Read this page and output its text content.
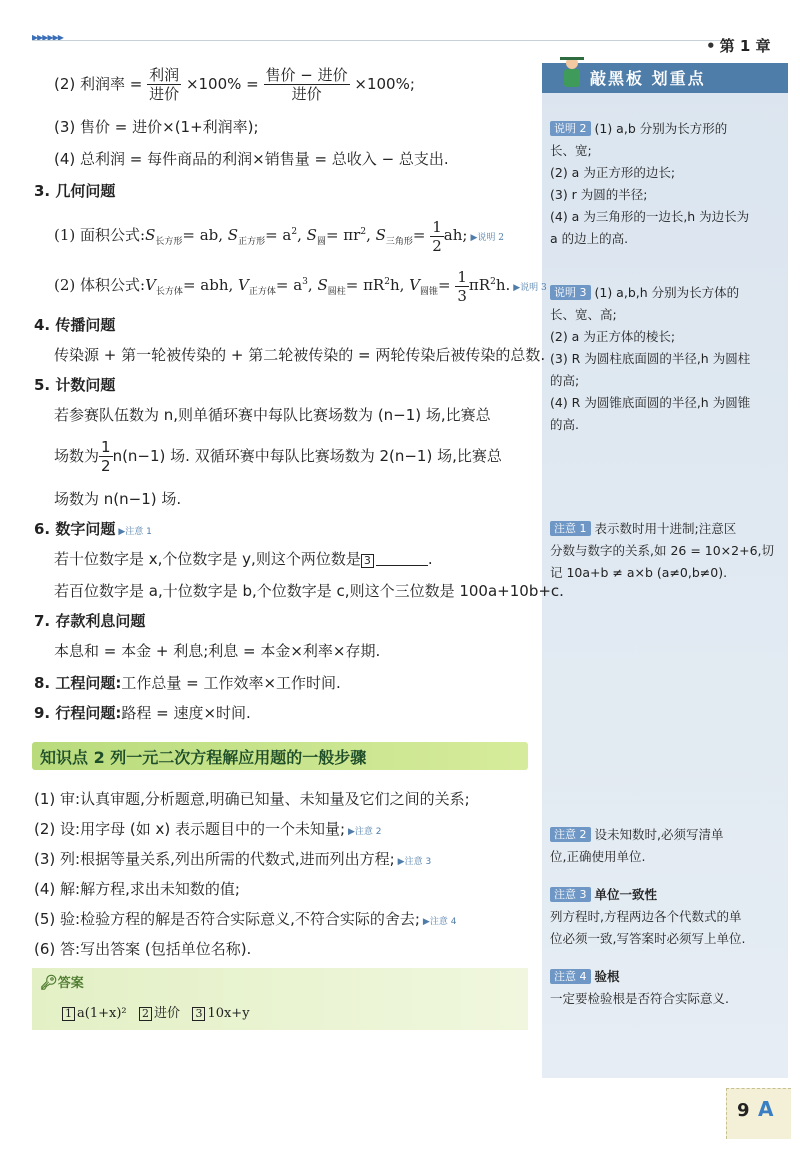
▶▶▶▶▶▶	• 第 1 章
敲黑板 划重点
说明 2 (1) a,b 分别为长方形的
长、宽;
(2) a 为正方形的边长;
(3) r 为圆的半径;
(4) a 为三角形的一边长,h 为边长为
a 的边上的高.
说明 3 (1) a,b,h 分别为长方体的
长、宽、高;
(2) a 为正方体的棱长;
(3) R 为圆柱底面圆的半径,h 为圆柱
的高;
(4) R 为圆锥底面圆的半径,h 为圆锥
的高.
注意 1 表示数时用十进制;注意区
分数与数字的关系,如 26 = 10×2+6,切
记 10a+b ≠ a×b (a≠0,b≠0).
注意 2 设未知数时,必须写清单
位,正确使用单位.
注意 3 单位一致性
列方程时,方程两边各个代数式的单
位必须一致,写答案时必须写上单位.
注意 4 验根
一定要检验根是否符合实际意义.
(2) 利润率 = $\frac{\text{利润}}{\text{进价}} \times 100\% = \frac{\text{售价 − 进价}}{\text{进价}} \times 100\%$;
(3) 售价 = 进价×(1+利润率);
(4) 总利润 = 每件商品的利润×销售量 = 总收入 − 总支出.
3. 几何问题
(1) 面积公式$:S_{长方形}=$ ab, $S_{正方形}= a^2$, $S_圆= \pi r^2$, $S_{三角形}= \frac{1}{2}$ ah; ▶说明 2
(2) 体积公式$:V_{长方体}=$ abh, $V_{正方体}= a^3$, $S_{圆柱}= \pi R^2h$, $V_{圆锥}= \frac{1}{3} \pi R^2h$. ▶说明 3
4. 传播问题
传染源 + 第一轮被传染的 + 第二轮被传染的 = 两轮传染后被传染的总数.
5. 计数问题
若参赛队伍数为 n,则单循环赛中每队比赛场数为 (n−1) 场,比赛总
场数为 $\frac{1}{2} n(n-1)$ 场. 双循环赛中每队比赛场数为 2(n−1) 场,比赛总
场数为 n(n−1) 场.
6. 数字问题 ▶注意 1
若十位数字是 x,个位数字是 y,则这个两位数是 3	.
若百位数字是 a,十位数字是 b,个位数字是 c,则这个三位数是 100a+10b+c.
7. 存款利息问题
本息和 = 本金 + 利息;利息 = 本金×利率×存期.
8. 工程问题:工作总量 = 工作效率×工作时间.
9. 行程问题:路程 = 速度×时间.
知识点 2 列一元二次方程解应用题的一般步骤
(1) 审:认真审题,分析题意,明确已知量、未知量及它们之间的关系;
(2) 设:用字母 (如 x) 表示题目中的一个未知量; ▶注意 2
(3) 列:根据等量关系,列出所需的代数式,进而列出方程; ▶注意 3
(4) 解:解方程,求出未知数的值;
(5) 验:检验方程的解是否符合实际意义,不符合实际的舍去; ▶注意 4
(6) 答:写出答案 (包括单位名称).
🔑︎答案
1 a(1+x)² 2 进价 3 10x+y
9 A
